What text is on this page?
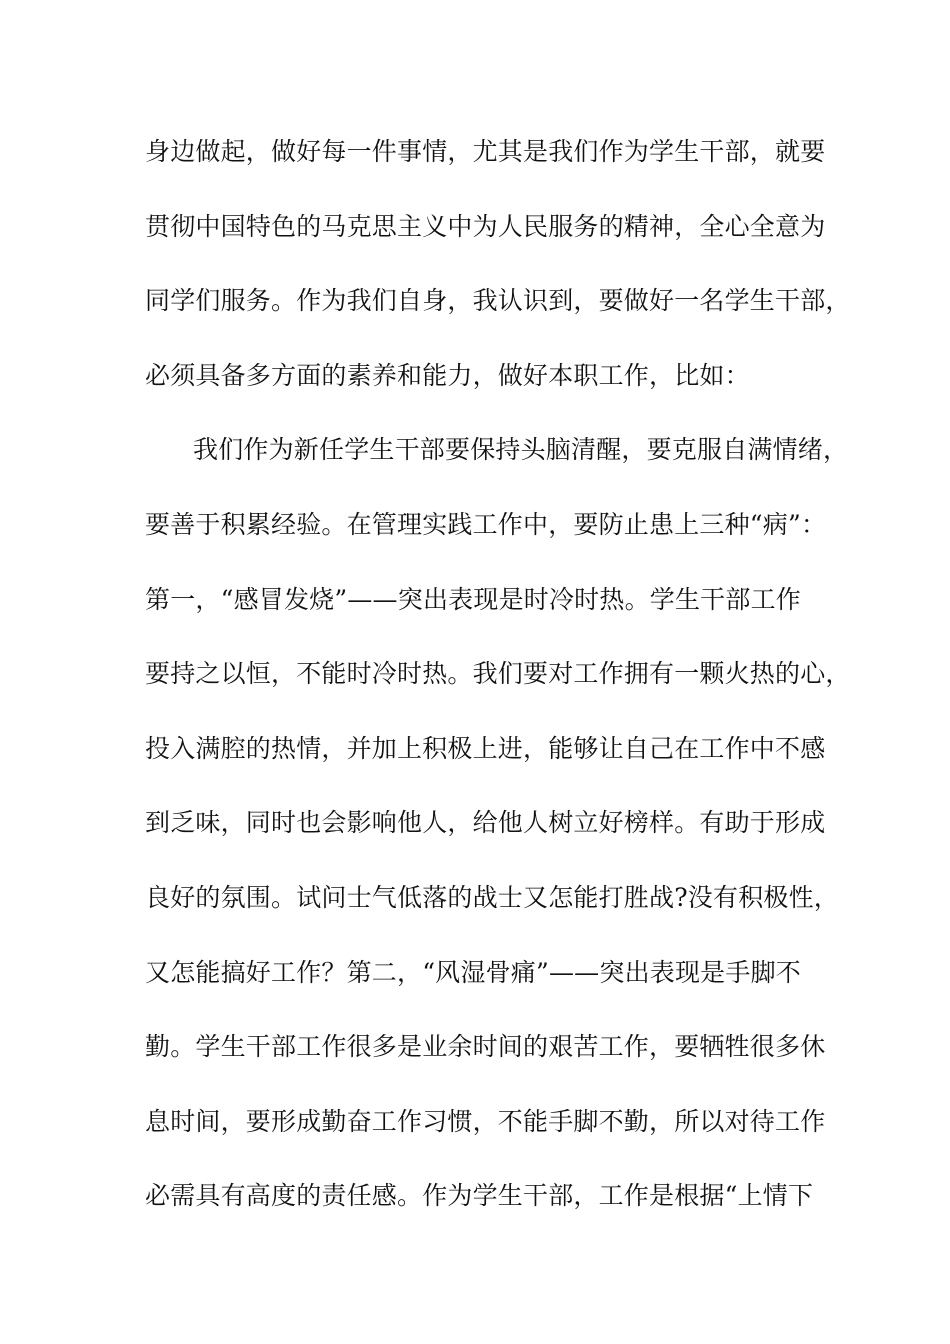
身边做起，做好每一件事情，尤其是我们作为学生干部，就要
贯彻中国特色的马克思主义中为人民服务的精神，全心全意为
同学们服务。作为我们自身，我认识到，要做好一名学生干部，
必须具备多方面的素养和能力，做好本职工作，比如：
我们作为新任学生干部要保持头脑清醒，要克服自满情绪，
要善于积累经验。在管理实践工作中，要防止患上三种“病”：
第一，“感冒发烧”——突出表现是时冷时热。学生干部工作
要持之以恒，不能时冷时热。我们要对工作拥有一颗火热的心，
投入满腔的热情，并加上积极上进，能够让自己在工作中不感
到乏味，同时也会影响他人，给他人树立好榜样。有助于形成
良好的氛围。试问士气低落的战士又怎能打胜战?没有积极性，
又怎能搞好工作？第二，“风湿骨痛”——突出表现是手脚不
勤。学生干部工作很多是业余时间的艰苦工作，要牺牲很多休
息时间，要形成勤奋工作习惯，不能手脚不勤，所以对待工作
必需具有高度的责任感。作为学生干部，工作是根据“上情下
